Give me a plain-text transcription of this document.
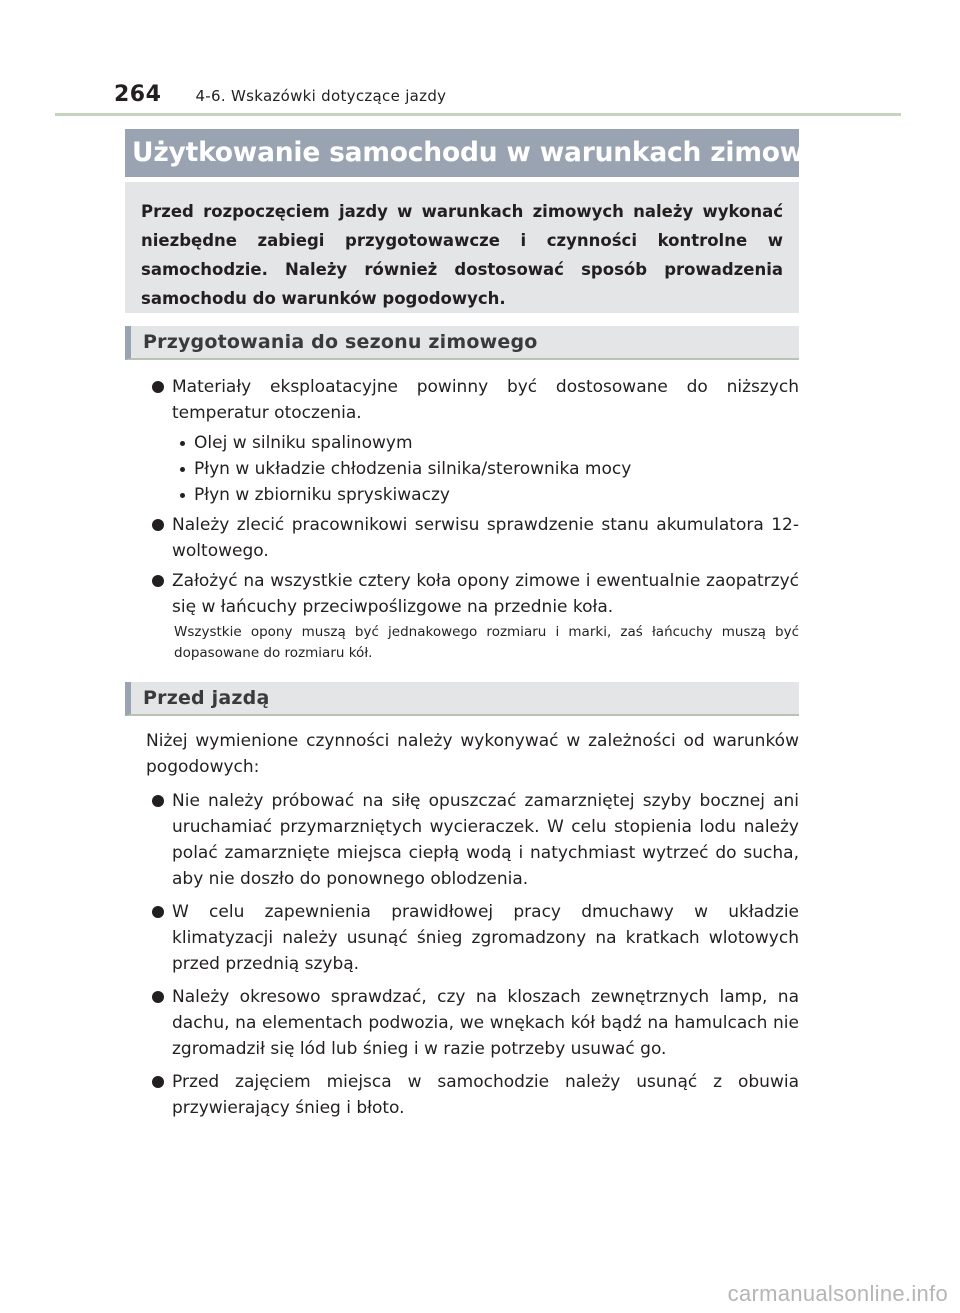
264 4-6. Wskazówki dotyczące jazdy
Użytkowanie samochodu w warunkach zimowych
Przed rozpoczęciem jazdy w warunkach zimowych należy wykonać niezbędne zabiegi przygotowawcze i czynności kontrolne w samochodzie. Należy również dostosować sposób prowadzenia samochodu do warunków pogodowych.
Przygotowania do sezonu zimowego
Materiały eksploatacyjne powinny być dostosowane do niższych temperatur otoczenia.
Olej w silniku spalinowym
Płyn w układzie chłodzenia silnika/sterownika mocy
Płyn w zbiorniku spryskiwaczy
Należy zlecić pracownikowi serwisu sprawdzenie stanu akumulatora 12-woltowego.
Założyć na wszystkie cztery koła opony zimowe i ewentualnie zaopatrzyć się w łańcuchy przeciwpoślizgowe na przednie koła.
Wszystkie opony muszą być jednakowego rozmiaru i marki, zaś łańcuchy muszą być dopasowane do rozmiaru kół.
Przed jazdą
Niżej wymienione czynności należy wykonywać w zależności od warunków pogodowych:
Nie należy próbować na siłę opuszczać zamarzniętej szyby bocznej ani uruchamiać przymarzniętych wycieraczek. W celu stopienia lodu należy polać zamarznięte miejsca ciepłą wodą i natychmiast wytrzeć do sucha, aby nie doszło do ponownego oblodzenia.
W celu zapewnienia prawidłowej pracy dmuchawy w układzie klimatyzacji należy usunąć śnieg zgromadzony na kratkach wlotowych przed przednią szybą.
Należy okresowo sprawdzać, czy na kloszach zewnętrznych lamp, na dachu, na elementach podwozia, we wnękach kół bądź na hamulcach nie zgromadził się lód lub śnieg i w razie potrzeby usuwać go.
Przed zajęciem miejsca w samochodzie należy usunąć z obuwia przywierający śnieg i błoto.
carmanualsonline.info
